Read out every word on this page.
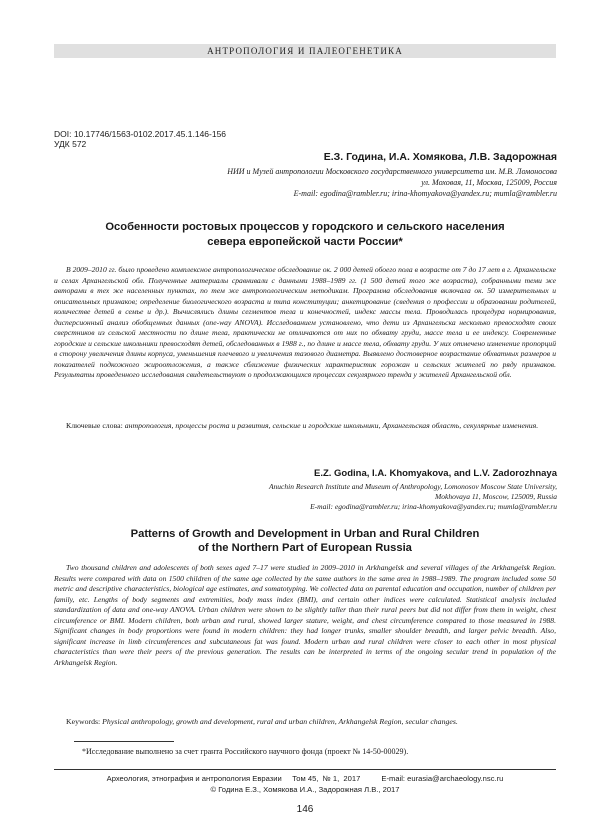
АНТРОПОЛОГИЯ И ПАЛЕОГЕНЕТИКА
DOI: 10.17746/1563-0102.2017.45.1.146-156
УДК 572
Е.З. Година, И.А. Хомякова, Л.В. Задорожная
НИИ и Музей антропологии Московского государственного университета им. М.В. Ломоносова
ул. Моховая, 11, Москва, 125009, Россия
E-mail: egodina@rambler.ru; irina-khomyakova@yandex.ru; mumla@rambler.ru
Особенности ростовых процессов у городского и сельского населения
севера европейской части России*
В 2009–2010 гг. было проведено комплексное антропологическое обследование ок. 2 000 детей обоего пола в возрасте от 7 до 17 лет в г. Архангельске и селах Архангельской обл. Полученные материалы сравнивали с данными 1988–1989 гг. (1 500 детей того же возраста), собранными теми же авторами в тех же населенных пунктах, по тем же антропологическим методикам. Программа обследования включала ок. 50 измерительных и описательных признаков; определение биологического возраста и типа конституции; анкетирование (сведения о профессии и образовании родителей, количестве детей в семье и др.). Вычислялись длины сегментов тела и конечностей, индекс массы тела. Проводилась процедура нормирования, дисперсионный анализ обобщенных данных (one-way ANOVA). Исследованием установлено, что дети из Архангельска несколько превосходят своих сверстников из сельской местности по длине тела, практически не отличаются от них по обхвату груди, массе тела и ее индексу. Современные городские и сельские школьники превосходят детей, обследованных в 1988 г., по длине и массе тела, обхвату груди. У них отмечено изменение пропорций в сторону увеличения длины корпуса, уменьшения плечевого и увеличения тазового диаметра. Выявлено достоверное возрастание обхватных размеров и показателей подкожного жироотложения, а также сближение физических характеристик горожан и сельских жителей по ряду признаков. Результаты проведенного исследования свидетельствуют о продолжающихся процессах секулярного тренда у жителей Архангельской обл.
Ключевые слова: антропология, процессы роста и развития, сельские и городские школьники, Архангельская область, секулярные изменения.
E.Z. Godina, I.A. Khomyakova, and L.V. Zadorozhnaya
Anuchin Research Institute and Museum of Anthropology, Lomonosov Moscow State University,
Mokhovaya 11, Moscow, 125009, Russia
E-mail: egodina@rambler.ru; irina-khomyakova@yandex.ru; mumla@rambler.ru
Patterns of Growth and Development in Urban and Rural Children
of the Northern Part of European Russia
Two thousand children and adolescents of both sexes aged 7–17 were studied in 2009–2010 in Arkhangelsk and several villages of the Arkhangelsk Region. Results were compared with data on 1500 children of the same age collected by the same authors in the same area in 1988–1989. The program included some 50 metric and descriptive characteristics, biological age estimates, and somatotyping. We collected data on parental education and occupation, number of children per family, etc. Lengths of body segments and extremities, body mass index (BMI), and certain other indices were calculated. Statistical analysis included standardization of data and one-way ANOVA. Urban children were shown to be slightly taller than their rural peers but did not differ from them in weight, chest circumference or BMI. Modern children, both urban and rural, showed larger stature, weight, and chest circumference compared to those measured in 1988. Significant changes in body proportions were found in modern children: they had longer trunks, smaller shoulder breadth, and larger pelvic breadth. Also, significant increase in limb circumferences and subcutaneous fat was found. Modern urban and rural children were closer to each other in most physical characteristics than were their peers of the previous generation. The results can be interpreted in terms of the ongoing secular trend in population of the Arkhangelsk Region.
Keywords: Physical anthropology, growth and development, rural and urban children, Arkhangelsk Region, secular changes.
*Исследование выполнено за счет гранта Российского научного фонда (проект № 14-50-00029).
Археология, этнография и антропология Евразии     Том 45,  № 1,  2017          E-mail: eurasia@archaeology.nsc.ru
© Година Е.З., Хомякова И.А., Задорожная Л.В., 2017
146
